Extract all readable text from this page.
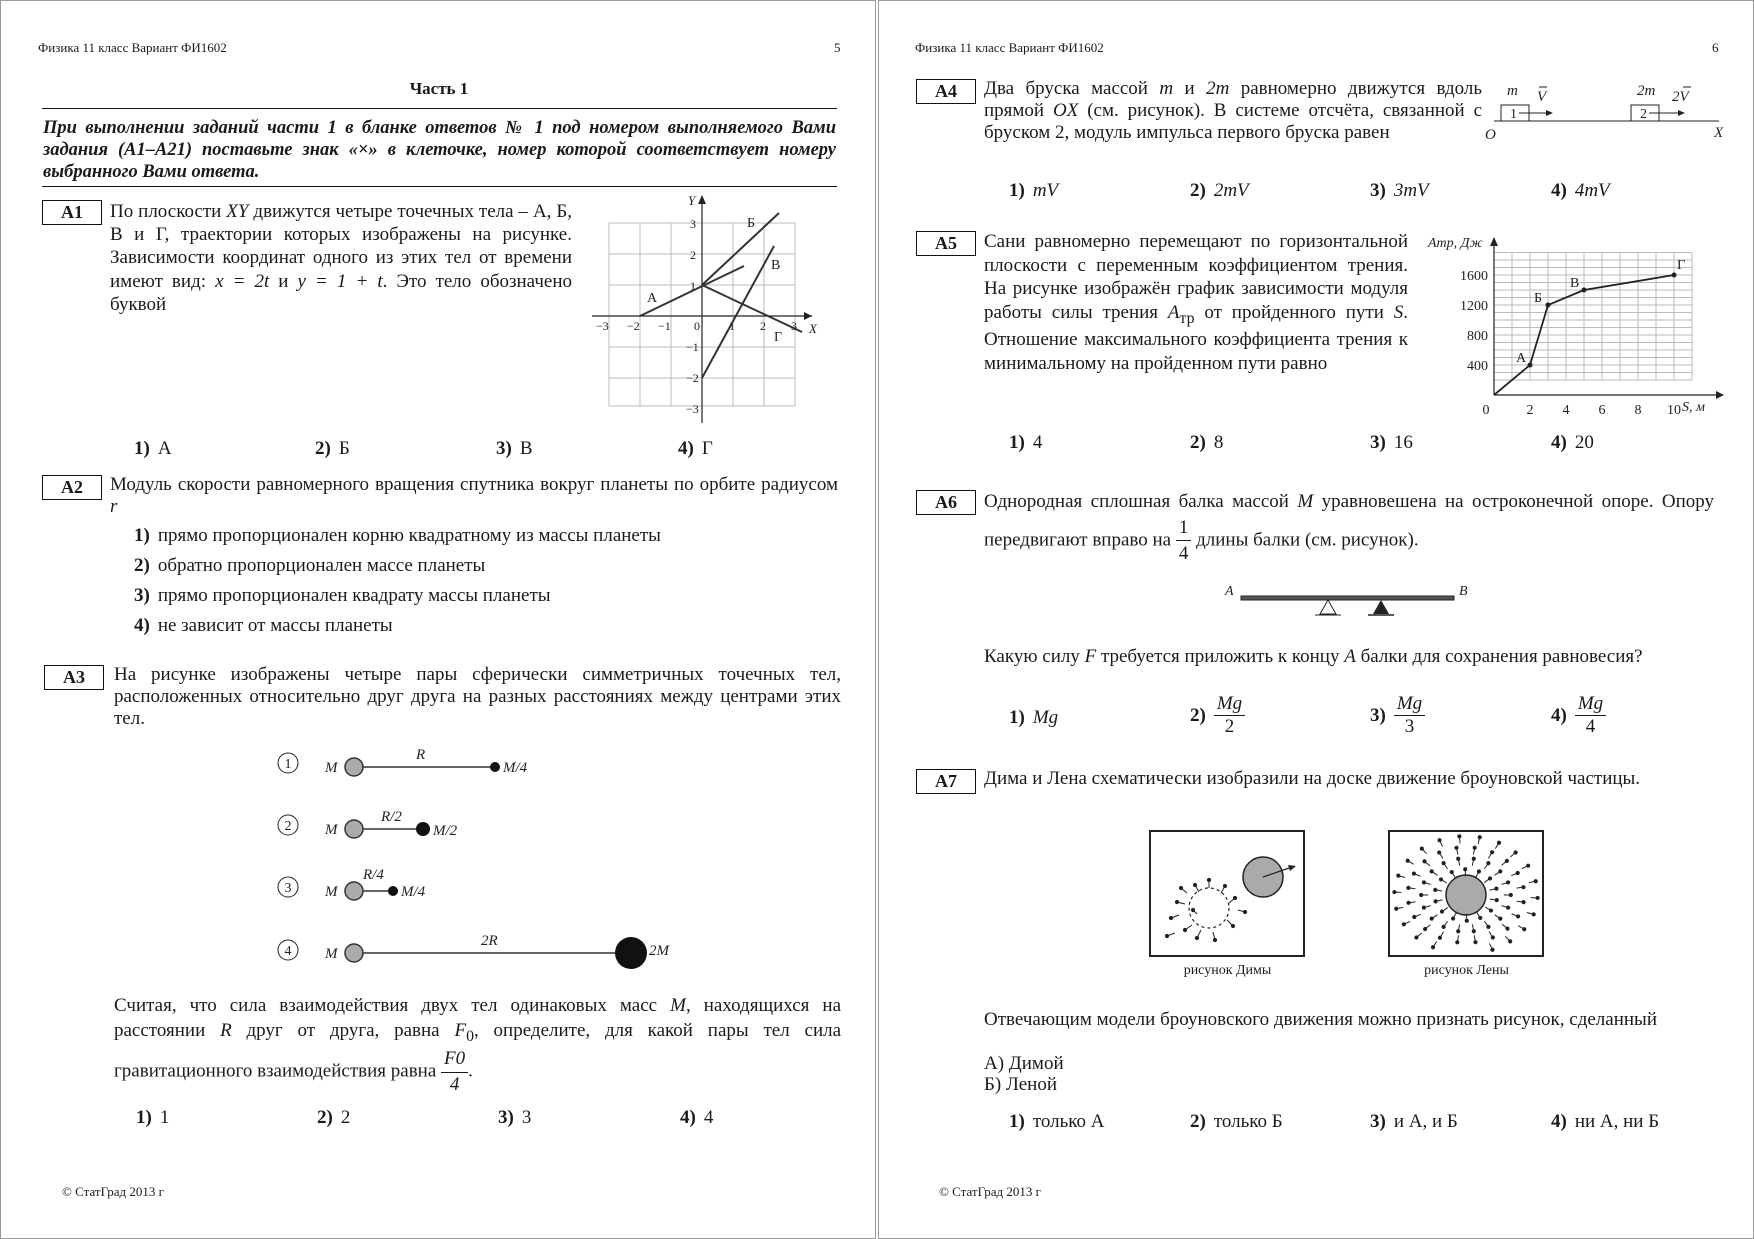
Физика 11 класс Вариант ФИ1602	5
Часть 1
При выполнении заданий части 1 в бланке ответов № 1 под номером выполняемого Вами задания (А1–А21) поставьте знак «×» в клеточке, номер которой соответствует номеру выбранного Вами ответа.
A1	По плоскости XY движутся четыре точечных тела – А, Б, В и Г, траектории которых изображены на рисунке. Зависимости координат одного из этих тел от времени имеют вид: x = 2t и y = 1 + t. Это тело обозначено буквой
Y
X
−3 −2 −1 0 1 2 3
3
2
1
−1
−2
−3
А
Б
В
Г
1) А	2) Б	3) В	4) Г
A2	Модуль скорости равномерного вращения спутника вокруг планеты по орбите радиусом r
1) прямо пропорционален корню квадратному из массы планеты
2) обратно пропорционален массе планеты
3) прямо пропорционален квадрату массы планеты
4) не зависит от массы планеты
A3	На рисунке изображены четыре пары сферически симметричных точечных тел, расположенных относительно друг друга на разных расстояниях между центрами этих тел.
1
2
3
4
M
R
M/4
M
R/2
M/2
M
R/4
M/4
M
2R
2M
Считая, что сила взаимодействия двух тел одинаковых масс M, находящихся на расстоянии R друг от друга, равна $F_0$, определите, для какой пары тел сила гравитационного взаимодействия равна $\frac{F0}{4}$ .
1) 1	2) 2	3) 3	4) 4
© СтатГрад 2013 г
Физика 11 класс Вариант ФИ1602	6
A4	Два бруска массой m и 2m равномерно движутся вдоль прямой OX (см. рисунок). В системе отсчёта, связанной с бруском 2, модуль импульса первого бруска равен
1	2
m V	2m 2V
O	X
1) mV	2) 2mV	3) 3mV	4) 4mV
A5	Сани равномерно перемещают по горизонтальной плоскости с переменным коэффициентом трения. На рисунке изображён график зависимости модуля работы силы трения $A_{тр}$ от пройденного пути S. Отношение максимального коэффициента трения к минимальному на пройденном пути равно	А
Б
В
Г
0	2 4 6 8 10
400
800
1200
1600
Aтр, Дж
S, м
1) 4	2) 8	3) 16	4) 20
A6	Однородная сплошная балка массой M уравновешена на остроконечной опоре. Опору передвигают вправо на $\frac{1}{4}$ длины балки (см. рисунок).
A	B
Какую силу F требуется приложить к концу A балки для сохранения равновесия?
1) Mg	$2) \frac{Mg}{2}$	$3) \frac{Mg}{3}$	$4) \frac{Mg}{4}$
A7	Дима и Лена схематически изобразили на доске движение броуновской частицы.
рисунок Димы	рисунок Лены
Отвечающим модели броуновского движения можно признать рисунок, сделанный
А) Димой
Б) Леной
1) только А	2) только Б	3) и А, и Б	4) ни А, ни Б
© СтатГрад 2013 г
